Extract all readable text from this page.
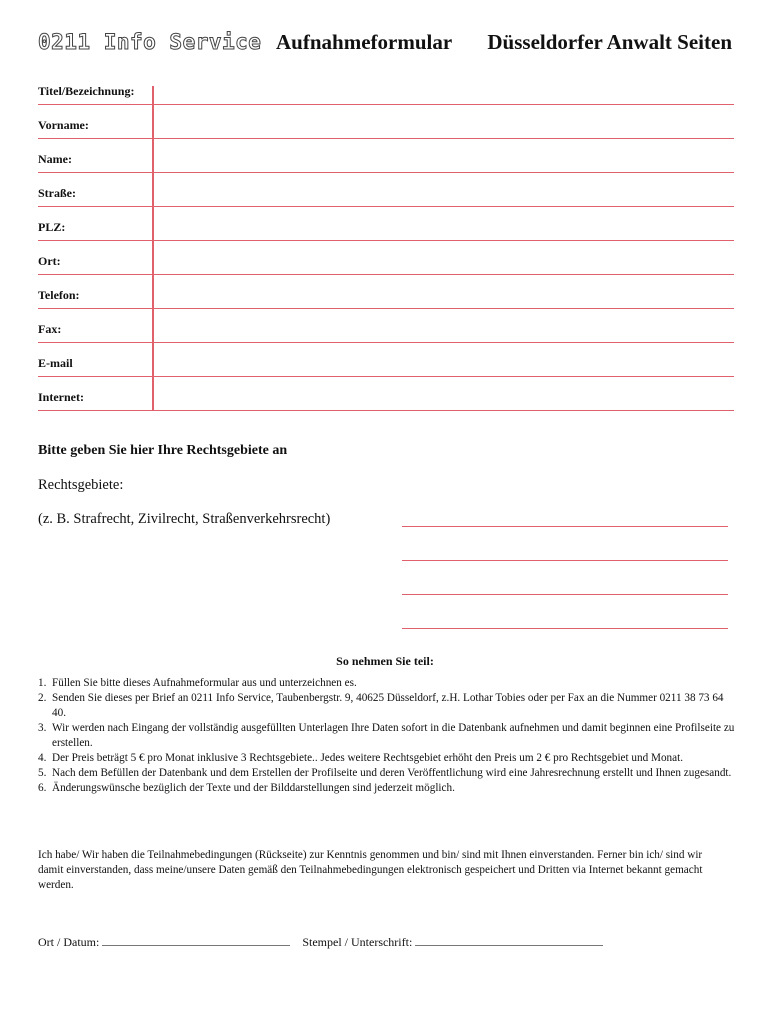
0211 Info Service Aufnahmeformular Düsseldorfer Anwalt Seiten
Titel/Bezeichnung:
Vorname:
Name:
Straße:
PLZ:
Ort:
Telefon:
Fax:
E-mail
Internet:
Bitte geben Sie hier Ihre Rechtsgebiete an
Rechtsgebiete:
(z. B. Strafrecht, Zivilrecht, Straßenverkehrsrecht)
So nehmen Sie teil:
1. Füllen Sie bitte dieses Aufnahmeformular aus und unterzeichnen es.
2. Senden Sie dieses per Brief an 0211 Info Service, Taubenbergstr. 9, 40625 Düsseldorf, z.H. Lothar Tobies oder per Fax an die Nummer 0211 38 73 64 40.
3. Wir werden nach Eingang der vollständig ausgefüllten Unterlagen Ihre Daten sofort in die Datenbank aufnehmen und damit beginnen eine Profilseite zu erstellen.
4. Der Preis beträgt 5 € pro Monat inklusive 3 Rechtsgebiete.. Jedes weitere Rechtsgebiet erhöht den Preis um 2 € pro Rechtsgebiet und Monat.
5. Nach dem Befüllen der Datenbank und dem Erstellen der Profilseite und deren Veröffentlichung wird eine Jahresrechnung erstellt und Ihnen zugesandt.
6. Änderungswünsche bezüglich der Texte und der Bilddarstellungen sind jederzeit möglich.
Ich habe/ Wir haben die Teilnahmebedingungen (Rückseite) zur Kenntnis genommen und bin/ sind mit Ihnen einverstanden. Ferner bin ich/ sind wir damit einverstanden, dass meine/unsere Daten gemäß den Teilnahmebedingungen elektronisch gespeichert und Dritten via Internet bekannt gemacht werden.
Ort / Datum:	Stempel / Unterschrift:
